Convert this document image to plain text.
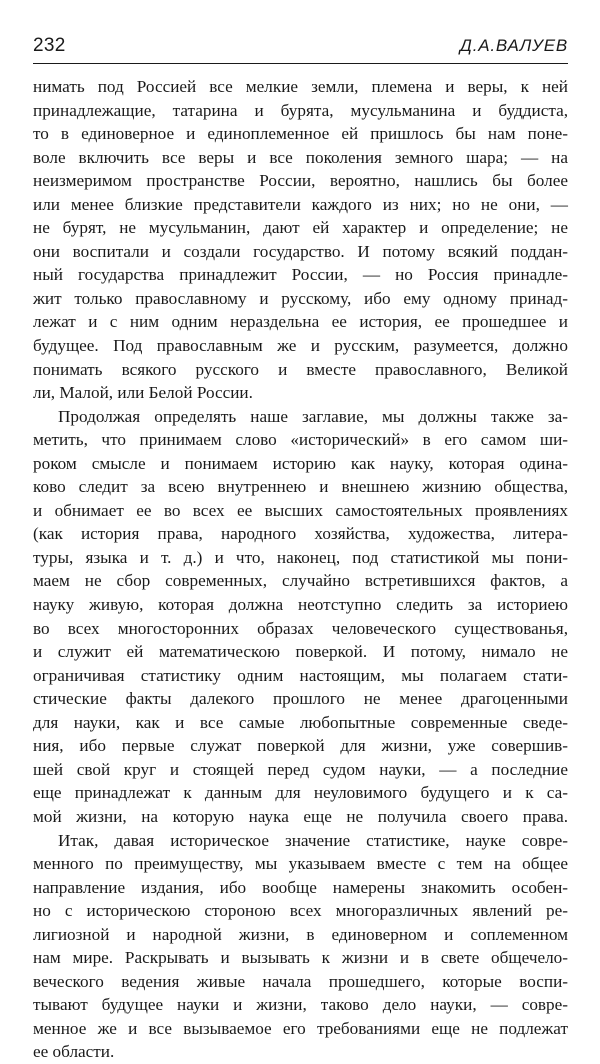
232	Д.А.ВАЛУЕВ
нимать под Россией все мелкие земли, племена и веры, к ней
принадлежащие, татарина и бурята, мусульманина и буддиста,
то в единоверное и единоплеменное ей пришлось бы нам поне-
воле включить все веры и все поколения земного шара; — на
неизмеримом пространстве России, вероятно, нашлись бы более
или менее близкие представители каждого из них; но не они, —
не бурят, не мусульманин, дают ей характер и определение; не
они воспитали и создали государство. И потому всякий поддан-
ный государства принадлежит России, — но Россия принадле-
жит только православному и русскому, ибо ему одному принад-
лежат и с ним одним нераздельна ее история, ее прошедшее и
будущее. Под православным же и русским, разумеется, должно
понимать всякого русского и вместе православного, Великой
ли, Малой, или Белой России.
Продолжая определять наше заглавие, мы должны также за-
метить, что принимаем слово «исторический» в его самом ши-
роком смысле и понимаем историю как науку, которая одина-
ково следит за всею внутреннею и внешнею жизнию общества,
и обнимает ее во всех ее высших самостоятельных проявлениях
(как история права, народного хозяйства, художества, литера-
туры, языка и т. д.) и что, наконец, под статистикой мы пони-
маем не сбор современных, случайно встретившихся фактов, а
науку живую, которая должна неотступно следить за историею
во всех многосторонних образах человеческого существованья,
и служит ей математическою поверкой. И потому, нимало не
ограничивая статистику одним настоящим, мы полагаем стати-
стические факты далекого прошлого не менее драгоценными
для науки, как и все самые любопытные современные сведе-
ния, ибо первые служат поверкой для жизни, уже совершив-
шей свой круг и стоящей перед судом науки, — а последние
еще принадлежат к данным для неуловимого будущего и к са-
мой жизни, на которую наука еще не получила своего права.
Итак, давая историческое значение статистике, науке совре-
менного по преимуществу, мы указываем вместе с тем на общее
направление издания, ибо вообще намерены знакомить особен-
но с историческою стороною всех многоразличных явлений ре-
лигиозной и народной жизни, в единоверном и соплеменном
нам мире. Раскрывать и вызывать к жизни и в свете общечело-
веческого ведения живые начала прошедшего, которые воспи-
тывают будущее науки и жизни, таково дело науки, — совре-
менное же и все вызываемое его требованиями еще не подлежат
ее области.
